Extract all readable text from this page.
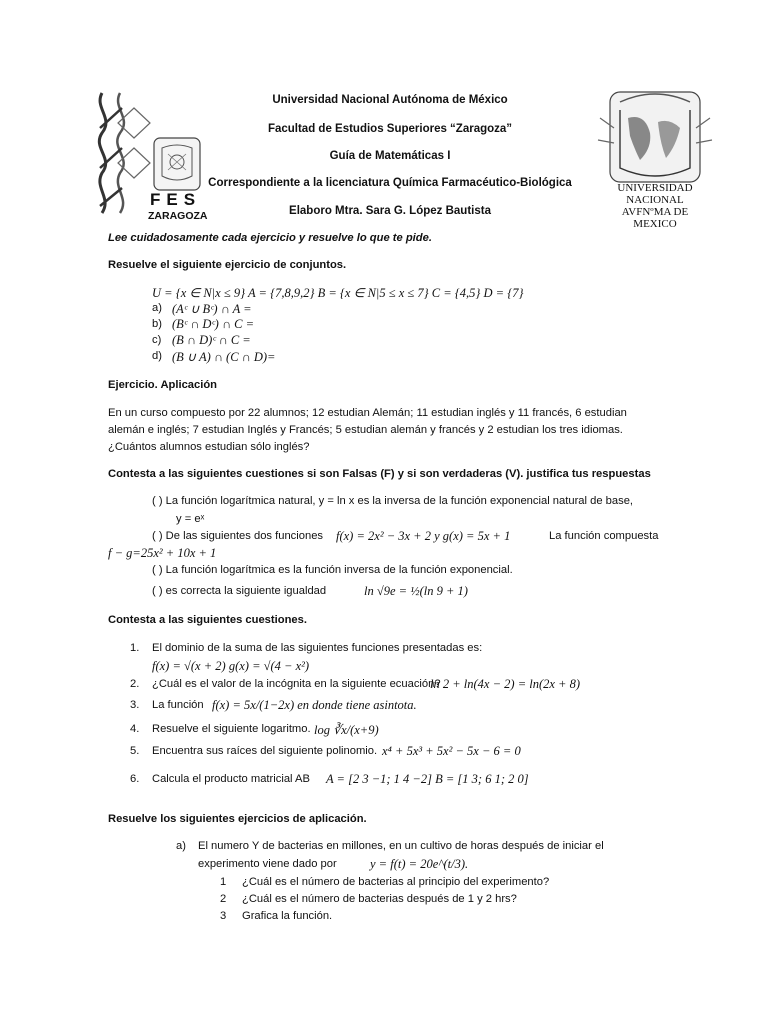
FES
ZARAGOZA
UNIVERSIDAD NACIONAL
AVFNºMA DE
MEXICO
Universidad Nacional Autónoma de México
Facultad de Estudios Superiores “Zaragoza”
Guía de Matemáticas I
Correspondiente a la licenciatura Química Farmacéutico-Biológica
Elaboro Mtra. Sara G. López Bautista
Lee cuidadosamente cada ejercicio y resuelve lo que te pide.
Resuelve el siguiente ejercicio de conjuntos.
U = {x ∈ N|x ≤ 9} A = {7,8,9,2} B = {x ∈ N|5 ≤ x ≤ 7} C = {4,5} D = {7}
a) (Aᶜ ∪ Bᶜ) ∩ A =
b) (Bᶜ ∩ Dᶜ) ∩ C =
c) (B ∩ D)ᶜ ∩ C =
d) (B ∪ A) ∩ (C ∩ D)=
Ejercicio. Aplicación
En un curso compuesto por 22 alumnos; 12 estudian Alemán; 11 estudian inglés y 11 francés, 6 estudian
alemán e inglés; 7 estudian Inglés y Francés; 5 estudian alemán y francés y 2 estudian los tres idiomas.
¿Cuántos alumnos estudian sólo inglés?
Contesta a las siguientes cuestiones si son Falsas (F) y si son verdaderas (V). justifica tus respuestas
( ) La función logarítmica natural, y = ln x es la inversa de la función exponencial natural de base,
y = eˣ
( ) De las siguientes dos funciones f(x) = 2x² − 3x + 2 y g(x) = 5x + 1	La función compuesta
f − g=25x² + 10x + 1
( ) La función logarítmica es la función inversa de la función exponencial.
( ) es correcta la siguiente igualdad	ln √9e = ½(ln 9 + 1)
Contesta a las siguientes cuestiones.
1.	El dominio de la suma de las siguientes funciones presentadas es:
f(x) = √(x + 2) g(x) = √(4 − x²)
2.	¿Cuál es el valor de la incógnita en la siguiente ecuación?
ln 2 + ln(4x − 2) = ln(2x + 8)
3.	La función f(x) = 5x/(1−2x) en donde tiene asintota.
4.	Resuelve el siguiente logaritmo. log ∛x/(x+9)
5.	Encuentra sus raíces del siguiente polinomio. x⁴ + 5x³ + 5x² − 5x − 6 = 0
6.	Calcula el producto matricial AB A = [2 3 −1; 1 4 −2] B = [1 3; 6 1; 2 0]
Resuelve los siguientes ejercicios de aplicación.
a) El numero Y de bacterias en millones, en un cultivo de horas después de iniciar el
experimento viene dado por	y = f(t) = 20e^(t/3).
1 ¿Cuál es el número de bacterias al principio del experimento?
2 ¿Cuál es el número de bacterias después de 1 y 2 hrs?
3 Grafica la función.
